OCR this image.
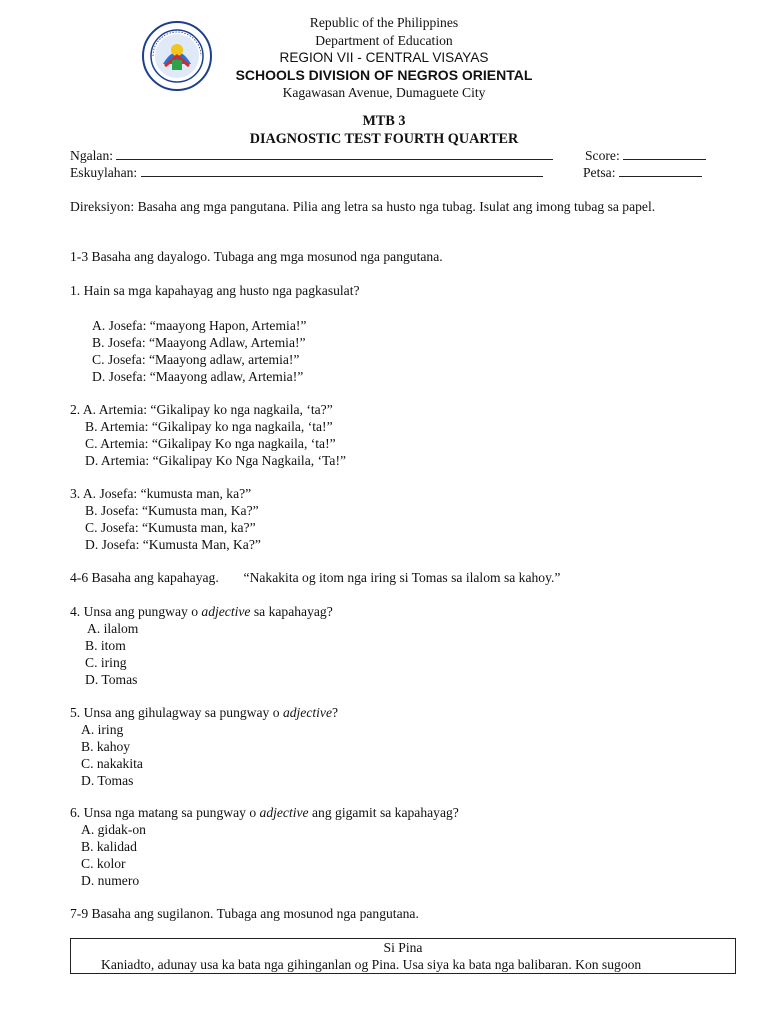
Republic of the Philippines
Department of Education
REGION VII - CENTRAL VISAYAS
SCHOOLS DIVISION OF NEGROS ORIENTAL
Kagawasan Avenue, Dumaguete City
MTB 3
DIAGNOSTIC TEST FOURTH QUARTER
Ngalan:	Score:
Eskuylahan:	Petsa:

Direksiyon: Basaha ang mga pangutana. Pilia ang letra sa husto nga tubag. Isulat ang imong tubag sa papel.

1-3 Basaha ang dayalogo. Tubaga ang mga mosunod nga pangutana.

1. Hain sa mga kapahayag ang husto nga pagkasulat?

A. Josefa: “maayong Hapon, Artemia!”

B. Josefa: “Maayong Adlaw, Artemia!”

C. Josefa: “Maayong adlaw, artemia!”

D. Josefa: “Maayong adlaw, Artemia!”

2. A. Artemia: “Gikalipay ko nga nagkaila, ‘ta?”

B. Artemia: “Gikalipay ko nga nagkaila, ‘ta!”

C. Artemia: “Gikalipay Ko nga nagkaila, ‘ta!”

D. Artemia: “Gikalipay Ko Nga Nagkaila, ‘Ta!”

3. A. Josefa: “kumusta man, ka?”

B. Josefa: “Kumusta man, Ka?”

C. Josefa: “Kumusta man, ka?”

D. Josefa: “Kumusta Man, Ka?”

4-6 Basaha ang kapahayag. “Nakakita og itom nga iring si Tomas sa ilalom sa kahoy.”

4. Unsa ang pungway o adjective sa kapahayag?

A. ilalom

B. itom

C. iring

D. Tomas

5. Unsa ang gihulagway sa pungway o adjective?

A. iring

B. kahoy

C. nakakita

D. Tomas

6. Unsa nga matang sa pungway o adjective ang gigamit sa kapahayag?

A. gidak-on

B. kalidad

C. kolor

D. numero

7-9 Basaha ang sugilanon. Tubaga ang mosunod nga pangutana.

Si Pina
Kaniadto, adunay usa ka bata nga gihinganlan og Pina. Usa siya ka bata nga balibaran. Kon sugoon
